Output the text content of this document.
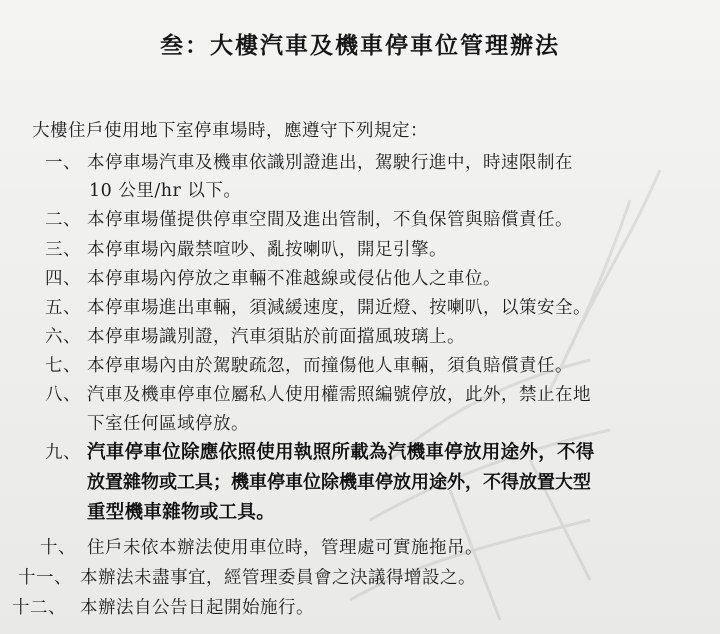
叁：大樓汽車及機車停車位管理辦法
大樓住戶使用地下室停車場時，應遵守下列規定：
一、 本停車場汽車及機車依識別證進出，駕駛行進中，時速限制在
10 公里/hr 以下。
二、 本停車場僅提供停車空間及進出管制，不負保管與賠償責任。
三、 本停車場內嚴禁喧吵、亂按喇叭，開足引擎。
四、 本停車場內停放之車輛不准越線或侵佔他人之車位。
五、 本停車場進出車輛，須減緩速度，開近燈、按喇叭，以策安全。
六、 本停車場識別證，汽車須貼於前面擋風玻璃上。
七、 本停車場內由於駕駛疏忽，而撞傷他人車輛，須負賠償責任。
八、 汽車及機車停車位屬私人使用權需照編號停放，此外，禁止在地
下室任何區域停放。
九、 汽車停車位除應依照使用執照所載為汽機車停放用途外，不得
放置雜物或工具；機車停車位除機車停放用途外，不得放置大型
重型機車雜物或工具。
十、 住戶未依本辦法使用車位時，管理處可實施拖吊。
十一、 本辦法未盡事宜，經管理委員會之決議得增設之。
十二、 本辦法自公告日起開始施行。
